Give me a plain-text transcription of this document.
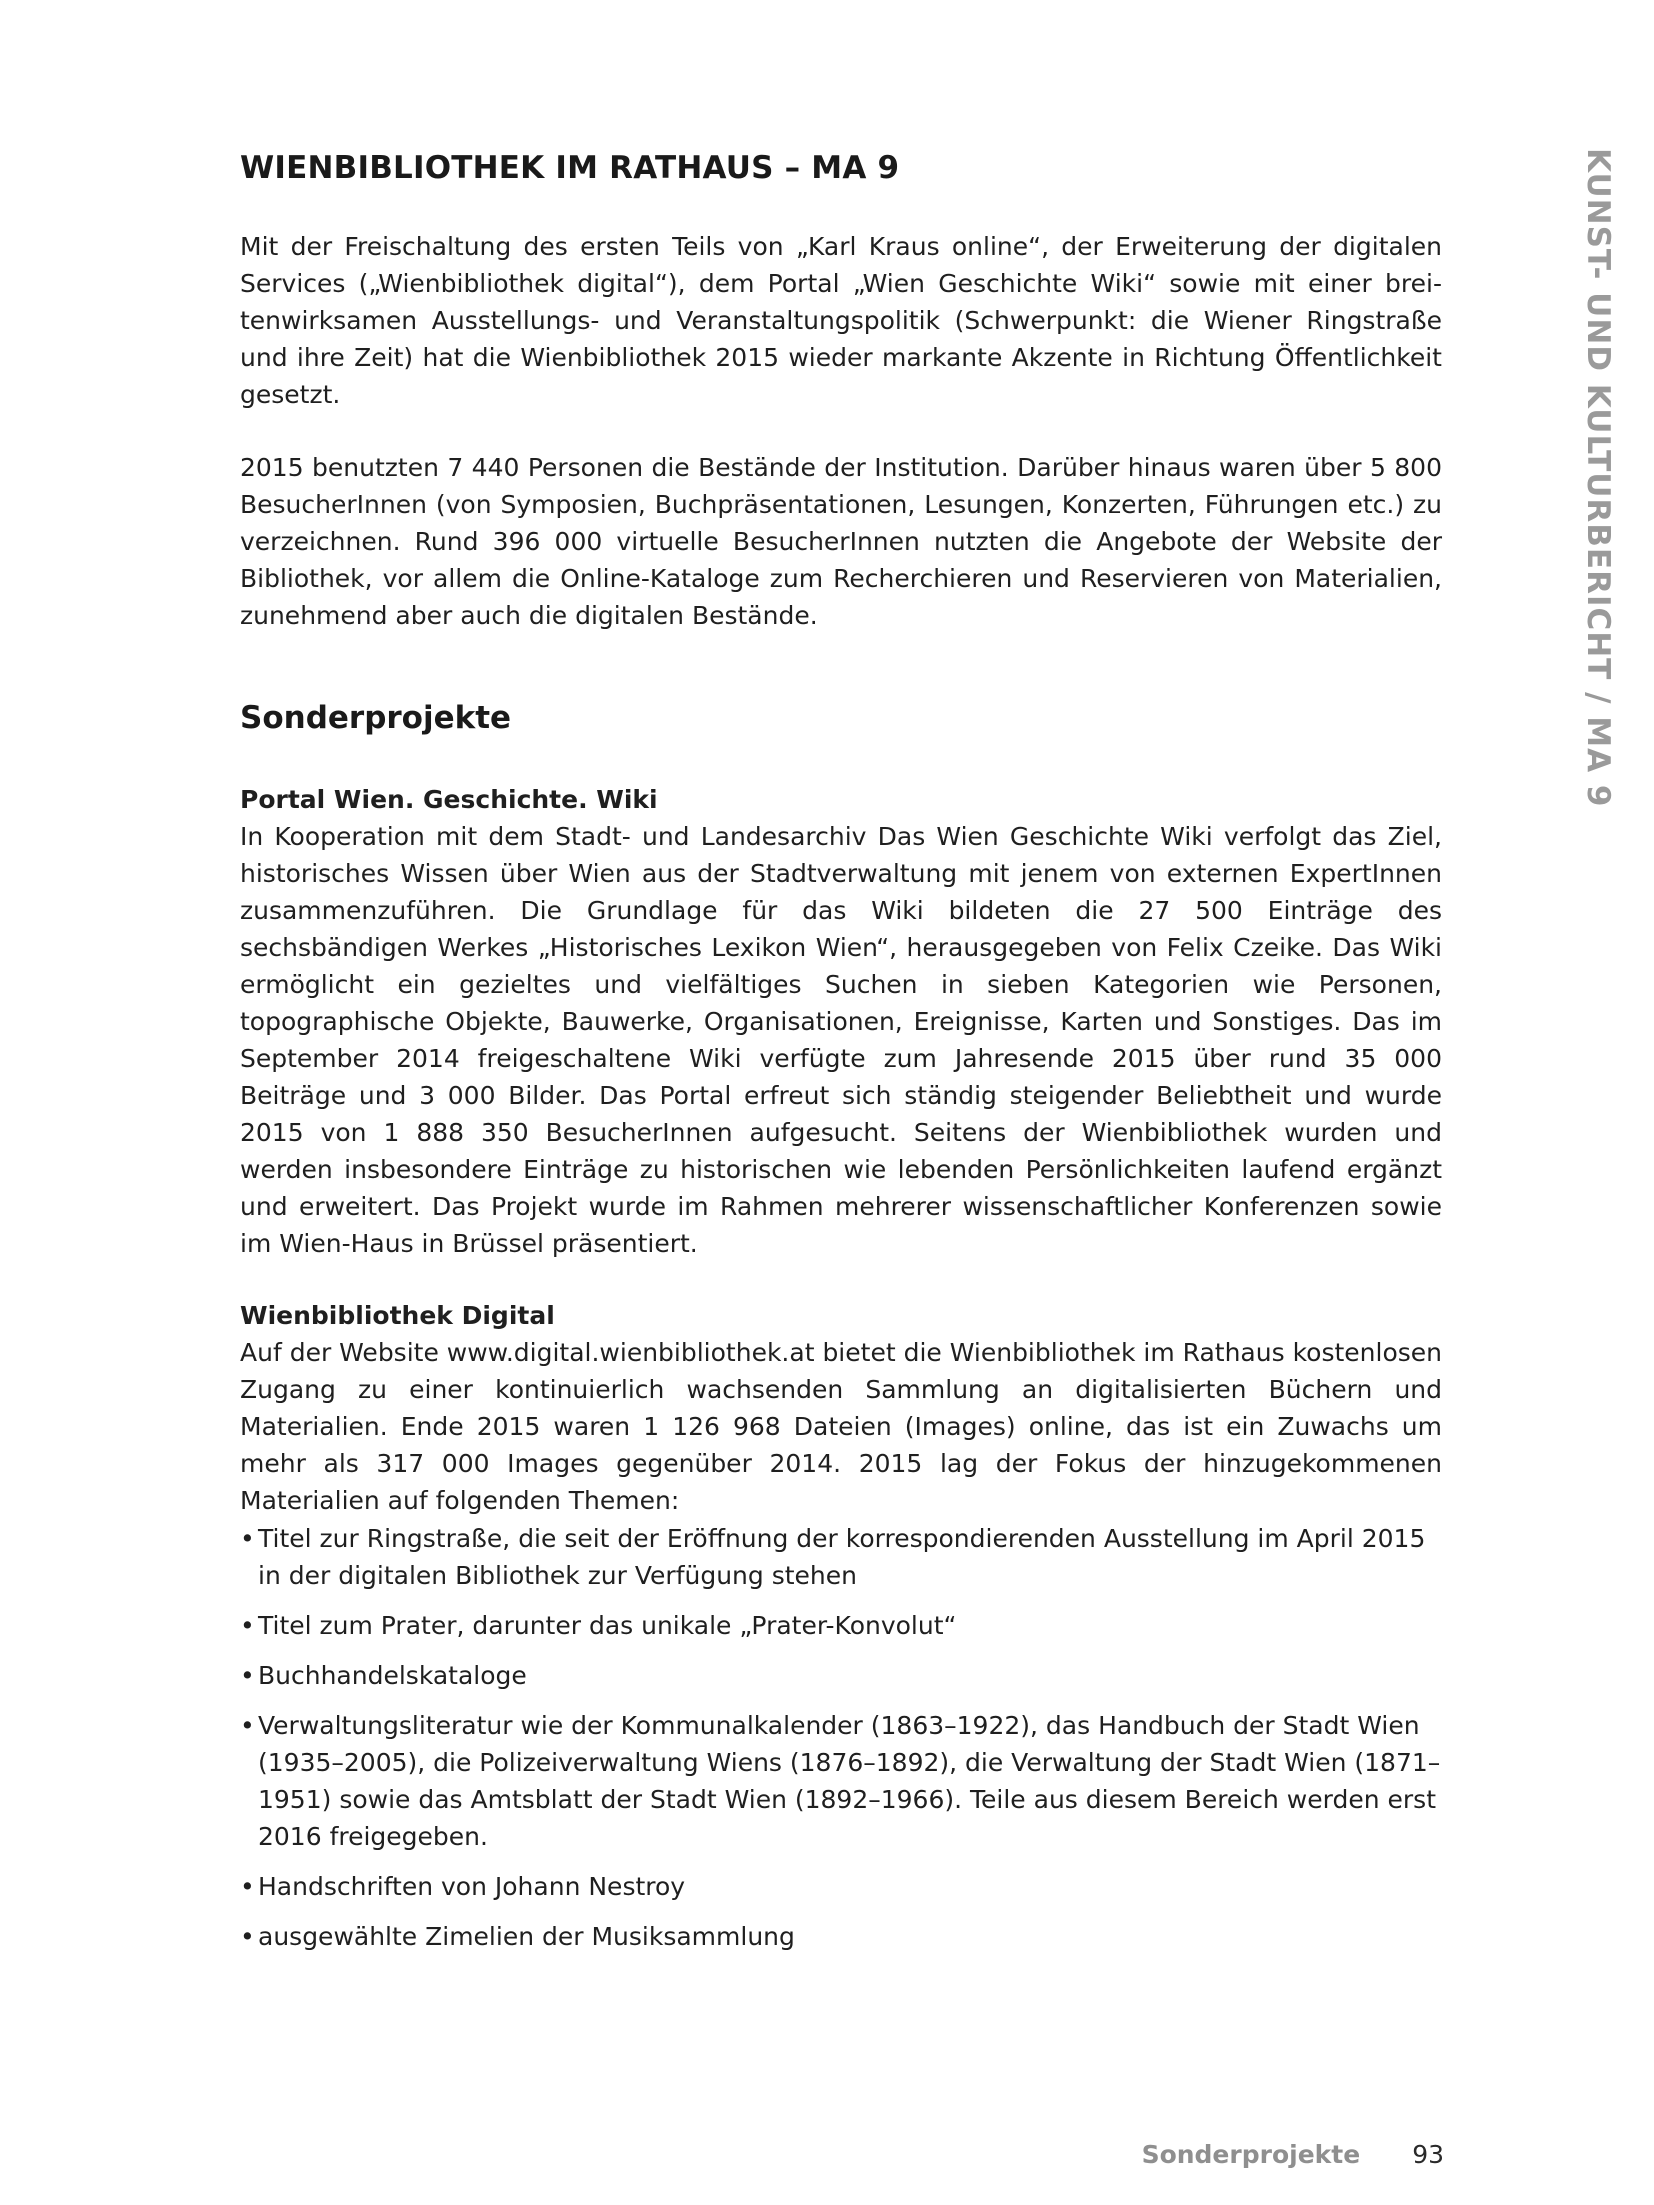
KUNST- UND KULTURBERICHT / MA 9
WIENBIBLIOTHEK IM RATHAUS – MA 9

Mit der Freischaltung des ersten Teils von „Karl Kraus online“, der Erweiterung der digitalen Services („Wienbibliothek digital“), dem Portal „Wien Geschichte Wiki“ sowie mit einer breitenwirksamen Ausstellungs- und Veranstaltungspolitik (Schwerpunkt: die Wiener Ringstraße und ihre Zeit) hat die Wienbibliothek 2015 wieder markante Akzente in Richtung Öffentlichkeit gesetzt.

2015 benutzten 7 440 Personen die Bestände der Institution. Darüber hinaus waren über 5 800 BesucherInnen (von Symposien, Buchpräsentationen, Lesungen, Konzerten, Führungen etc.) zu verzeichnen. Rund 396 000 virtuelle BesucherInnen nutzten die Angebote der Website der Bibliothek, vor allem die Online-Kataloge zum Recherchieren und Reservieren von Materialien, zunehmend aber auch die digitalen Bestände.

Sonderprojekte

Portal Wien. Geschichte. Wiki
In Kooperation mit dem Stadt- und Landesarchiv Das Wien Geschichte Wiki verfolgt das Ziel, historisches Wissen über Wien aus der Stadtverwaltung mit jenem von externen ExpertInnen zusammenzuführen. Die Grundlage für das Wiki bildeten die 27 500 Einträge des sechsbändigen Werkes „Historisches Lexikon Wien“, herausgegeben von Felix Czeike. Das Wiki ermöglicht ein gezieltes und vielfältiges Suchen in sieben Kategorien wie Personen, topographische Objekte, Bauwerke, Organisationen, Ereignisse, Karten und Sonstiges. Das im September 2014 freigeschaltene Wiki verfügte zum Jahresende 2015 über rund 35 000 Beiträge und 3 000 Bilder. Das Portal erfreut sich ständig steigender Beliebtheit und wurde 2015 von 1 888 350 BesucherInnen aufgesucht. Seitens der Wienbibliothek wurden und werden insbesondere Einträge zu historischen wie lebenden Persönlichkeiten laufend ergänzt und erweitert. Das Projekt wurde im Rahmen mehrerer wissenschaftlicher Konferenzen sowie im Wien-Haus in Brüssel präsentiert.

Wienbibliothek Digital
Auf der Website www.digital.wienbibliothek.at bietet die Wienbibliothek im Rathaus kostenlosen Zugang zu einer kontinuierlich wachsenden Sammlung an digitalisierten Büchern und Materialien. Ende 2015 waren 1 126 968 Dateien (Images) online, das ist ein Zuwachs um mehr als 317 000 Images gegenüber 2014. 2015 lag der Fokus der hinzugekommenen Materialien auf folgenden Themen:

• Titel zur Ringstraße, die seit der Eröffnung der korrespondierenden Ausstellung im April 2015 in der digitalen Bibliothek zur Verfügung stehen
• Titel zum Prater, darunter das unikale „Prater-Konvolut“
• Buchhandelskataloge
• Verwaltungsliteratur wie der Kommunalkalender (1863–1922), das Handbuch der Stadt Wien (1935–2005), die Polizeiverwaltung Wiens (1876–1892), die Verwaltung der Stadt Wien (1871–1951) sowie das Amtsblatt der Stadt Wien (1892–1966). Teile aus diesem Bereich werden erst 2016 freigegeben.
• Handschriften von Johann Nestroy
• ausgewählte Zimelien der Musiksammlung
Sonderprojekte 93
